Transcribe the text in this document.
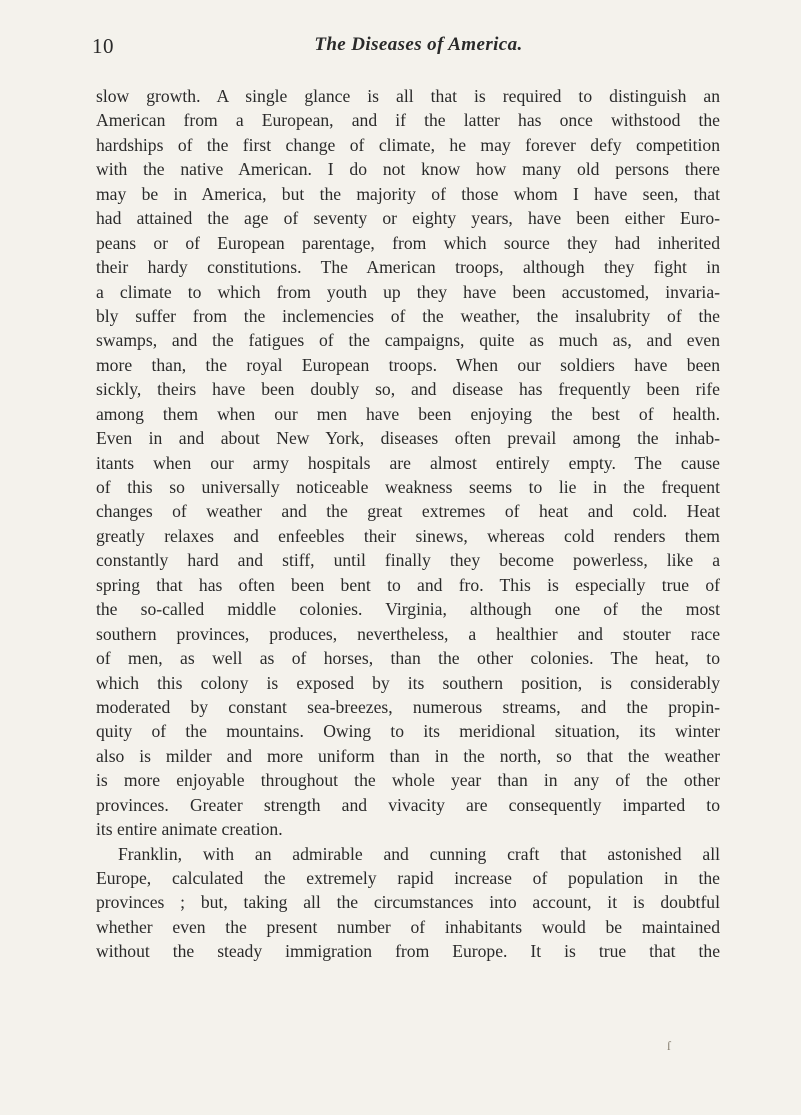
10	The Diseases of America.
slow growth. A single glance is all that is required to distinguish an
American from a European, and if the latter has once withstood the
hardships of the first change of climate, he may forever defy competition
with the native American. I do not know how many old persons there
may be in America, but the majority of those whom I have seen, that
had attained the age of seventy or eighty years, have been either Euro-
peans or of European parentage, from which source they had inherited
their hardy constitutions. The American troops, although they fight in
a climate to which from youth up they have been accustomed, invaria-
bly suffer from the inclemencies of the weather, the insalubrity of the
swamps, and the fatigues of the campaigns, quite as much as, and even
more than, the royal European troops. When our soldiers have been
sickly, theirs have been doubly so, and disease has frequently been rife
among them when our men have been enjoying the best of health.
Even in and about New York, diseases often prevail among the inhab-
itants when our army hospitals are almost entirely empty. The cause
of this so universally noticeable weakness seems to lie in the frequent
changes of weather and the great extremes of heat and cold. Heat
greatly relaxes and enfeebles their sinews, whereas cold renders them
constantly hard and stiff, until finally they become powerless, like a
spring that has often been bent to and fro. This is especially true of
the so-called middle colonies. Virginia, although one of the most
southern provinces, produces, nevertheless, a healthier and stouter race
of men, as well as of horses, than the other colonies. The heat, to
which this colony is exposed by its southern position, is considerably
moderated by constant sea-breezes, numerous streams, and the propin-
quity of the mountains. Owing to its meridional situation, its winter
also is milder and more uniform than in the north, so that the weather
is more enjoyable throughout the whole year than in any of the other
provinces. Greater strength and vivacity are consequently imparted to
its entire animate creation.
Franklin, with an admirable and cunning craft that astonished all
Europe, calculated the extremely rapid increase of population in the
provinces ; but, taking all the circumstances into account, it is doubtful
whether even the present number of inhabitants would be maintained
without the steady immigration from Europe. It is true that the
ſ
